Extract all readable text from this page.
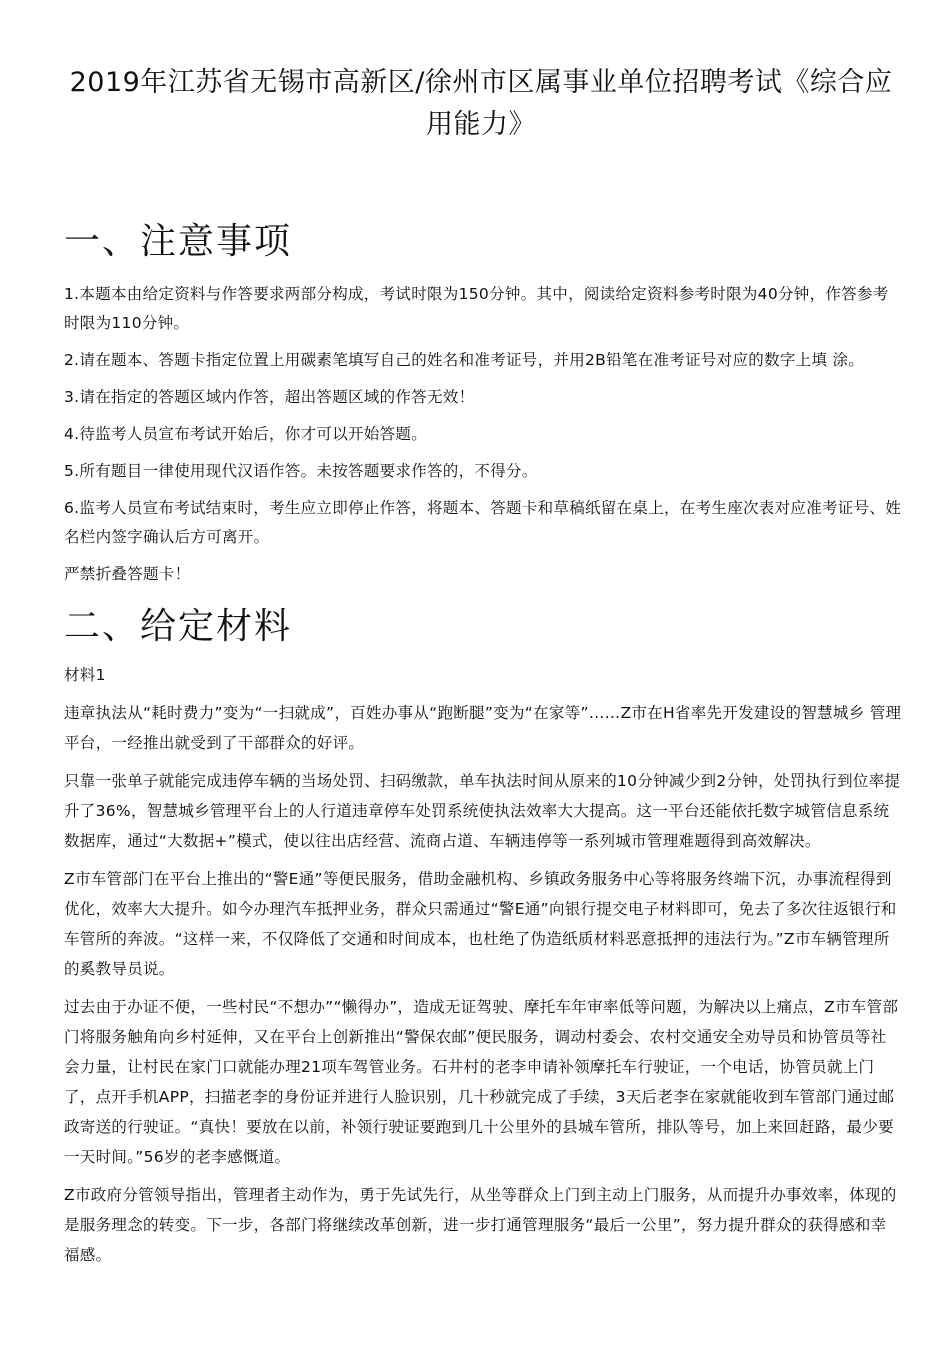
2019年江苏省无锡市高新区/徐州市区属事业单位招聘考试《综合应用能力》
一、注意事项

1.本题本由给定资料与作答要求两部分构成，考试时限为150分钟。其中，阅读给定资料参考时限为40分钟，作答参考时限为110分钟。

2.请在题本、答题卡指定位置上用碳素笔填写自己的姓名和准考证号，并用2B铅笔在准考证号对应的数字上填 涂。

3.请在指定的答题区域内作答，超出答题区域的作答无效！

4.待监考人员宣布考试开始后，你才可以开始答题。

5.所有题目一律使用现代汉语作答。未按答题要求作答的，不得分。

6.监考人员宣布考试结束时，考生应立即停止作答，将题本、答题卡和草稿纸留在桌上，在考生座次表对应准考证号、姓名栏内签字确认后方可离开。

严禁折叠答题卡！

二、给定材料

材料1

违章执法从“耗时费力”变为“一扫就成”，百姓办事从“跑断腿”变为“在家等”……Z市在H省率先开发建设的智慧城乡 管理平台，一经推出就受到了干部群众的好评。

只靠一张单子就能完成违停车辆的当场处罚、扫码缴款，单车执法时间从原来的10分钟减少到2分钟，处罚执行到位率提升了36%，智慧城乡管理平台上的人行道违章停车处罚系统使执法效率大大提高。这一平台还能依托数字城管信息系统数据库，通过“大数据+”模式，使以往出店经营、流商占道、车辆违停等一系列城市管理难题得到高效解决。

Z市车管部门在平台上推出的“警E通”等便民服务，借助金融机构、乡镇政务服务中心等将服务终端下沉，办事流程得到优化，效率大大提升。如今办理汽车抵押业务，群众只需通过“警E通”向银行提交电子材料即可，免去了多次往返银行和车管所的奔波。“这样一来，不仅降低了交通和时间成本，也杜绝了伪造纸质材料恶意抵押的违法行为。”Z市车辆管理所的奚教导员说。

过去由于办证不便，一些村民“不想办”“懒得办”，造成无证驾驶、摩托车年审率低等问题，为解决以上痛点，Z市车管部门将服务触角向乡村延伸，又在平台上创新推出“警保农邮”便民服务，调动村委会、农村交通安全劝导员和协管员等社会力量，让村民在家门口就能办理21项车驾管业务。石井村的老李申请补领摩托车行驶证，一个电话，协管员就上门了，点开手机APP，扫描老李的身份证并进行人脸识别，几十秒就完成了手续，3天后老李在家就能收到车管部门通过邮政寄送的行驶证。“真快！要放在以前，补领行驶证要跑到几十公里外的县城车管所，排队等号，加上来回赶路，最少要一天时间。”56岁的老李感慨道。

Z市政府分管领导指出，管理者主动作为，勇于先试先行，从坐等群众上门到主动上门服务，从而提升办事效率，体现的是服务理念的转变。下一步，各部门将继续改革创新，进一步打通管理服务“最后一公里”，努力提升群众的获得感和幸福感。
